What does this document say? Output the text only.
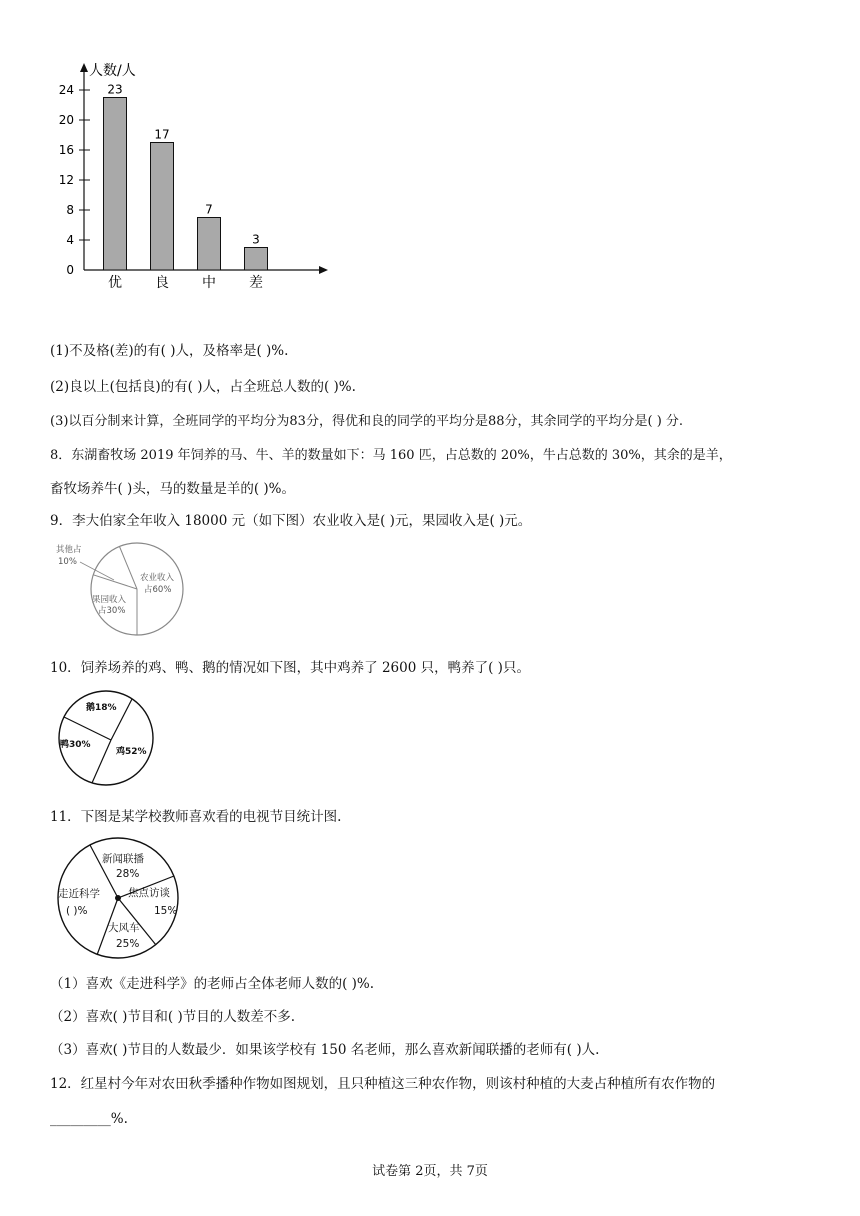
人数/人
0
4
8
12
16
20
24	23
优
17
良
7
中
3
差
(1)不及格(差)的有( )人，及格率是( )%.
(2)良以上(包括良)的有( )人，占全班总人数的( )%.
(3)以百分制来计算，全班同学的平均分为83分，得优和良的同学的平均分是88分，其余同学的平均分是( ) 分.
8．东湖畜牧场 2019 年饲养的马、牛、羊的数量如下：马 160 匹，占总数的 20%，牛占总数的 30%，其余的是羊，
畜牧场养牛( )头，马的数量是羊的( )%。
9．李大伯家全年收入 18000 元（如下图）农业收入是( )元，果园收入是( )元。
其他占
10%
农业收入
占60%
果园收入
占30%
10．饲养场养的鸡、鸭、鹅的情况如下图，其中鸡养了 2600 只，鸭养了( )只。
鹅18%
鸭30%
鸡52%
11．下图是某学校教师喜欢看的电视节目统计图.
新闻联播
28%
走近科学
( )%
焦点访谈
15%
大风车
25%
（1）喜欢《走进科学》的老师占全体老师人数的( )%.
（2）喜欢( )节目和( )节目的人数差不多.
（3）喜欢( )节目的人数最少．如果该学校有 150 名老师，那么喜欢新闻联播的老师有( )人.
12．红星村今年对农田秋季播种作物如图规划，且只种植这三种农作物，则该村种植的大麦占种植所有农作物的
_________%.
试卷第 2页，共 7页
